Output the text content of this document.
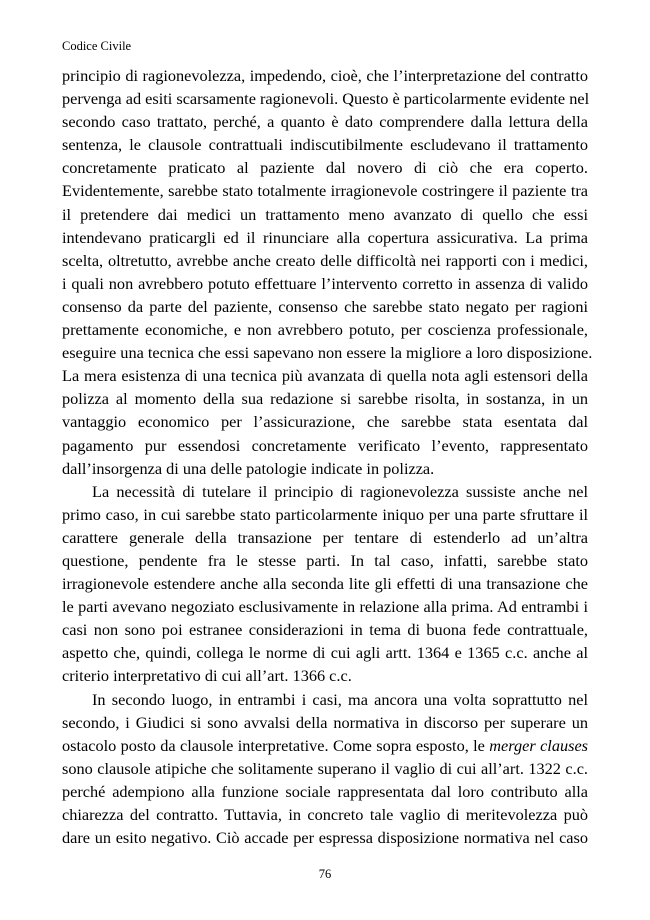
Codice Civile
principio di ragionevolezza, impedendo, cioè, che l’interpretazione del contratto
pervenga ad esiti scarsamente ragionevoli. Questo è particolarmente evidente nel
secondo caso trattato, perché, a quanto è dato comprendere dalla lettura della
sentenza, le clausole contrattuali indiscutibilmente escludevano il trattamento
concretamente praticato al paziente dal novero di ciò che era coperto.
Evidentemente, sarebbe stato totalmente irragionevole costringere il paziente tra
il pretendere dai medici un trattamento meno avanzato di quello che essi
intendevano praticargli ed il rinunciare alla copertura assicurativa. La prima
scelta, oltretutto, avrebbe anche creato delle difficoltà nei rapporti con i medici,
i quali non avrebbero potuto effettuare l’intervento corretto in assenza di valido
consenso da parte del paziente, consenso che sarebbe stato negato per ragioni
prettamente economiche, e non avrebbero potuto, per coscienza professionale,
eseguire una tecnica che essi sapevano non essere la migliore a loro disposizione.
La mera esistenza di una tecnica più avanzata di quella nota agli estensori della
polizza al momento della sua redazione si sarebbe risolta, in sostanza, in un
vantaggio economico per l’assicurazione, che sarebbe stata esentata dal
pagamento pur essendosi concretamente verificato l’evento, rappresentato
dall’insorgenza di una delle patologie indicate in polizza.
La necessità di tutelare il principio di ragionevolezza sussiste anche nel
primo caso, in cui sarebbe stato particolarmente iniquo per una parte sfruttare il
carattere generale della transazione per tentare di estenderlo ad un’altra
questione, pendente fra le stesse parti. In tal caso, infatti, sarebbe stato
irragionevole estendere anche alla seconda lite gli effetti di una transazione che
le parti avevano negoziato esclusivamente in relazione alla prima. Ad entrambi i
casi non sono poi estranee considerazioni in tema di buona fede contrattuale,
aspetto che, quindi, collega le norme di cui agli artt. 1364 e 1365 c.c. anche al
criterio interpretativo di cui all’art. 1366 c.c.
In secondo luogo, in entrambi i casi, ma ancora una volta soprattutto nel
secondo, i Giudici si sono avvalsi della normativa in discorso per superare un
ostacolo posto da clausole interpretative. Come sopra esposto, le merger clauses
sono clausole atipiche che solitamente superano il vaglio di cui all’art. 1322 c.c.
perché adempiono alla funzione sociale rappresentata dal loro contributo alla
chiarezza del contratto. Tuttavia, in concreto tale vaglio di meritevolezza può
dare un esito negativo. Ciò accade per espressa disposizione normativa nel caso
76
